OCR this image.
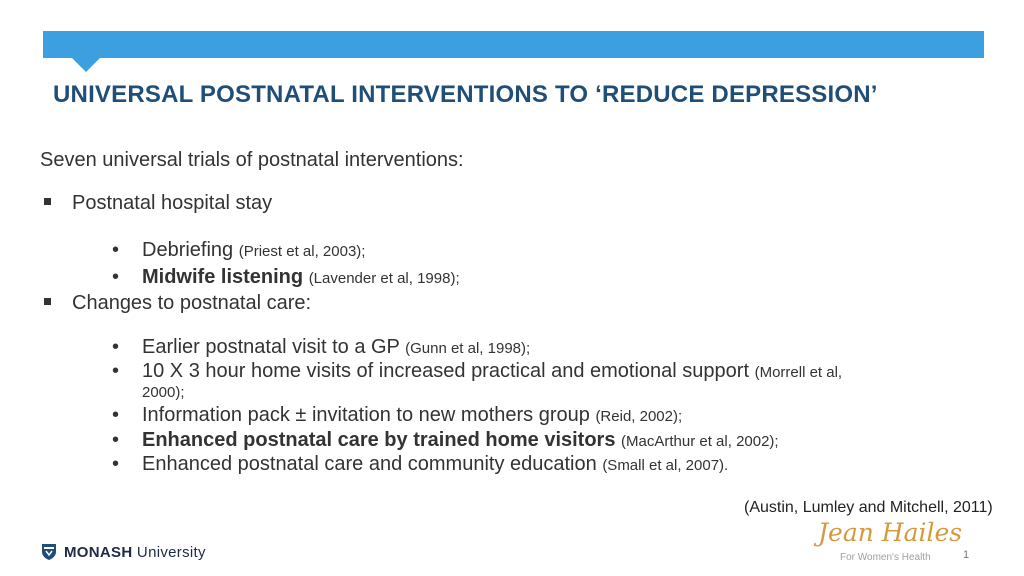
UNIVERSAL POSTNATAL INTERVENTIONS TO ‘REDUCE DEPRESSION’
Seven universal trials of postnatal interventions:
Postnatal hospital stay
• Debriefing (Priest et al, 2003);
• Midwife listening (Lavender et al, 1998);
Changes to postnatal care:
• Earlier postnatal visit to a GP (Gunn et al, 1998);
• 10 X 3 hour home visits of increased practical and emotional support (Morrell et al,
2000);
• Information pack ± invitation to new mothers group (Reid, 2002);
• Enhanced postnatal care by trained home visitors (MacArthur et al, 2002);
• Enhanced postnatal care and community education (Small et al, 2007).
(Austin, Lumley and Mitchell, 2011)
MONASH University
Jean Hailes
For Women's Health	1
